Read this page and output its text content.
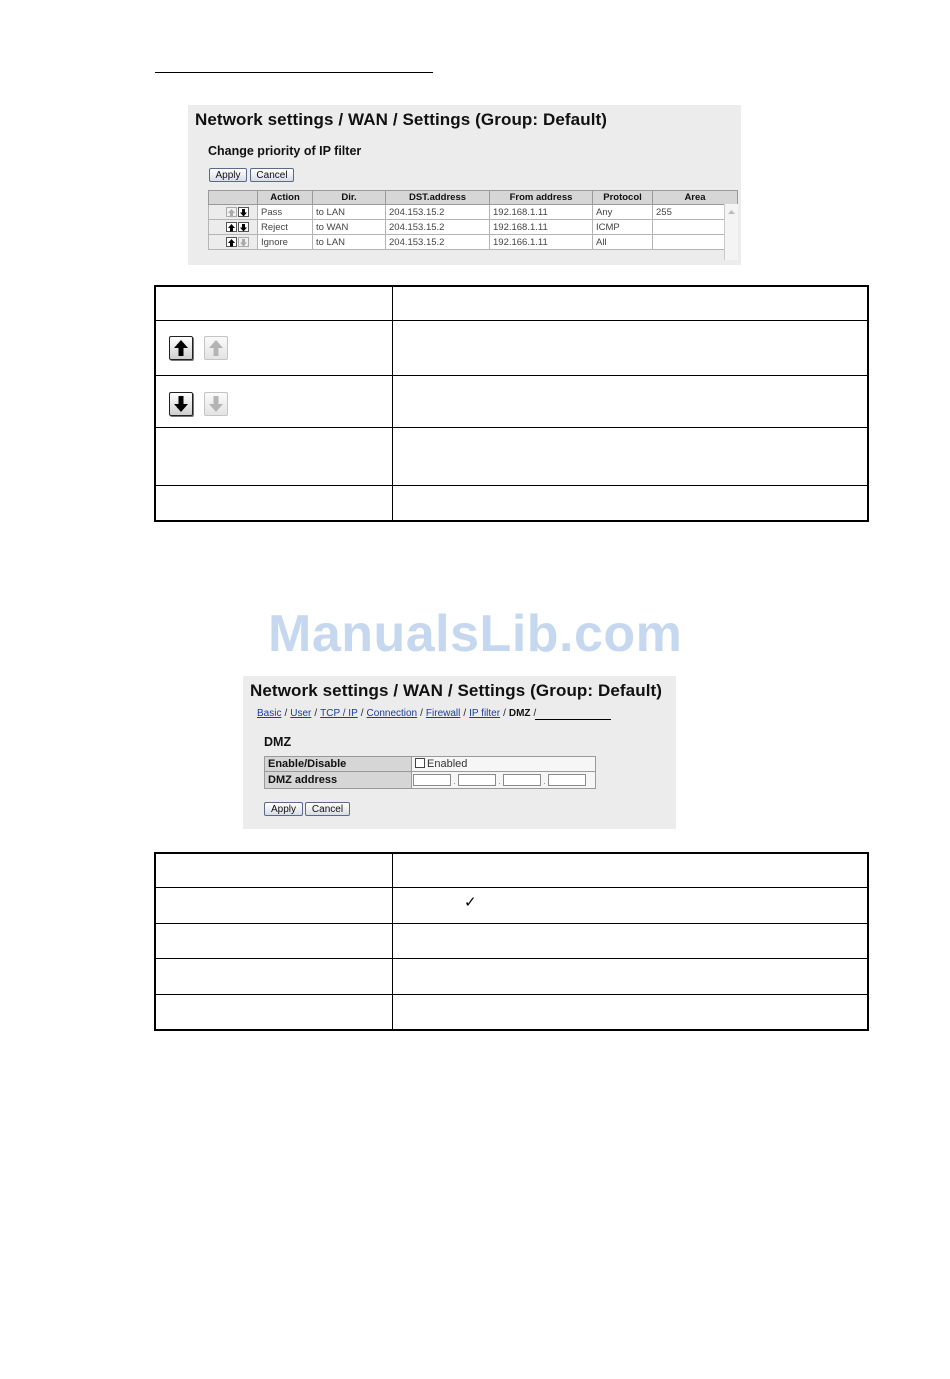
Network settings / WAN / Settings (Group: Default)
Change priority of IP filter
Apply	Cancel
	Action	Dir.	DST.address	From address	Protocol	Area

	Pass	to LAN	204.153.15.2	192.168.1.11	Any	255

	Reject	to WAN	204.153.15.2	192.168.1.11	ICMP	

	Ignore	to LAN	204.153.15.2	192.166.1.11	All	
ManualsLib.com
Network settings / WAN / Settings (Group: Default)
Basic / User / TCP / IP / Connection / Firewall / IP filter / DMZ /
DMZ
Enable/Disable	Enabled
DMZ address	. . .
Apply	Cancel
✓
